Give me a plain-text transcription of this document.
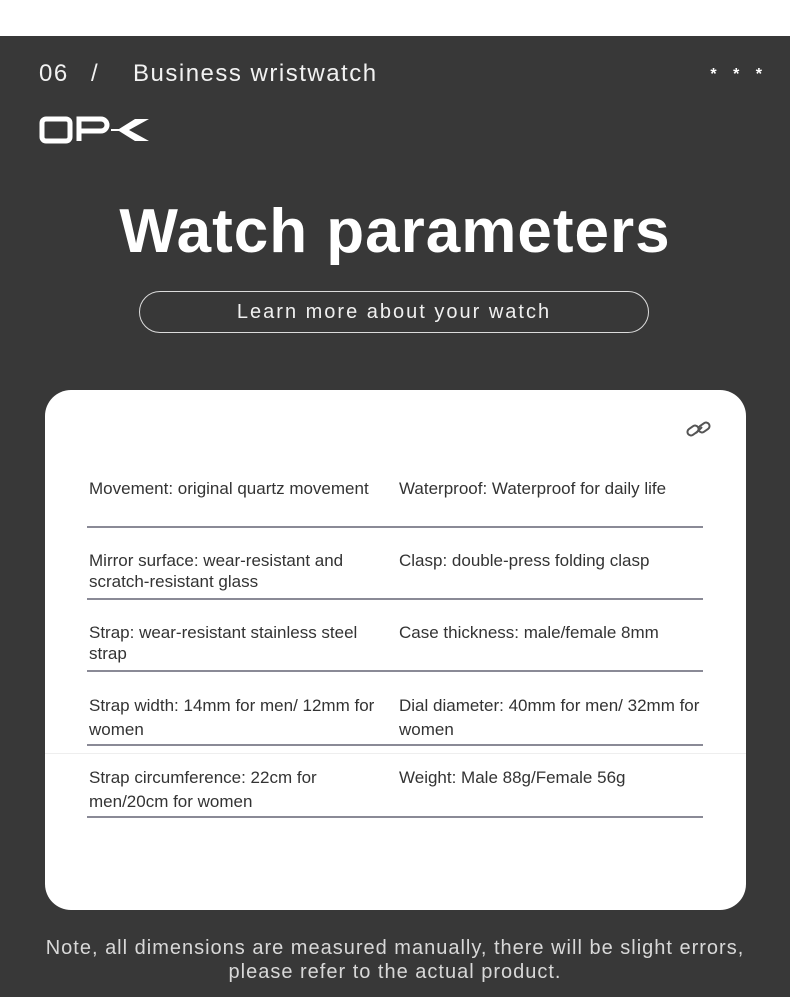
06 / Business wristwatch	* * *
Watch parameters
Learn more about your watch
Movement: original quartz movement	Waterproof: Waterproof for daily life
Mirror surface: wear-resistant and scratch-resistant glass
Clasp: double-press folding clasp
Strap: wear-resistant stainless steel strap
Case thickness: male/female 8mm
Strap width: 14mm for men/ 12mm for women
Dial diameter: 40mm for men/ 32mm for women
Strap circumference: 22cm for men/20cm for women
Weight: Male 88g/Female 56g
Note, all dimensions are measured manually, there will be slight errors, please refer to the actual product.
